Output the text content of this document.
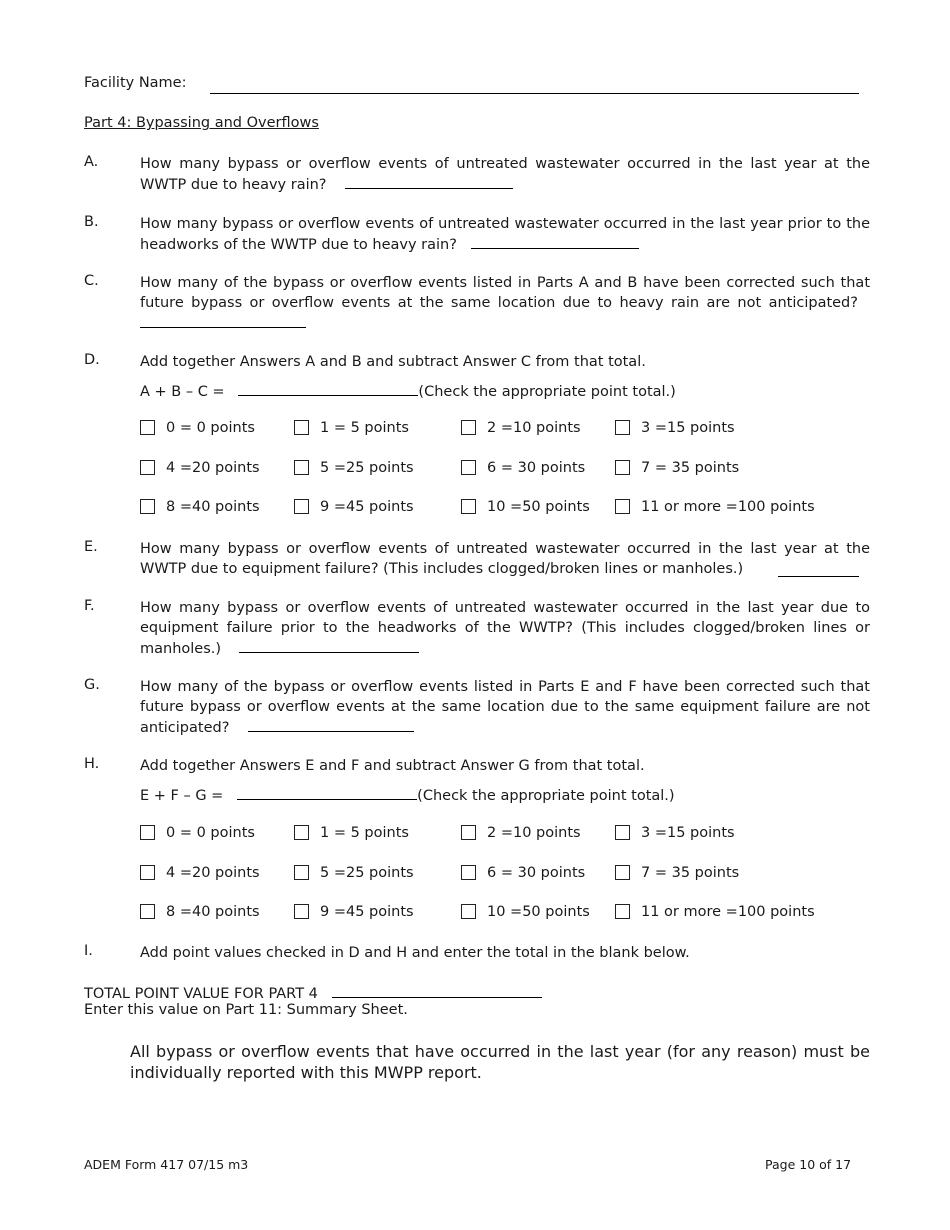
Facility Name:
Part 4: Bypassing and Overflows
A.	How many bypass or overflow events of untreated wastewater occurred in the last year at the WWTP due to heavy rain?
B.	How many bypass or overflow events of untreated wastewater occurred in the last year prior to the headworks of the WWTP due to heavy rain?
C.	How many of the bypass or overflow events listed in Parts A and B have been corrected such that future bypass or overflow events at the same location due to heavy rain are not anticipated?
D.	Add together Answers A and B and subtract Answer C from that total.
A + B – C =	(Check the appropriate point total.)
0 = 0 points	1 = 5 points	2 =10 points	3 =15 points
4 =20 points	5 =25 points	6 = 30 points	7 = 35 points
8 =40 points	9 =45 points	10 =50 points	11 or more =100 points
E.	How many bypass or overflow events of untreated wastewater occurred in the last year at the WWTP due to equipment failure? (This includes clogged/broken lines or manholes.)
F.	How many bypass or overflow events of untreated wastewater occurred in the last year due to equipment failure prior to the headworks of the WWTP? (This includes clogged/broken lines or manholes.)
G.	How many of the bypass or overflow events listed in Parts E and F have been corrected such that future bypass or overflow events at the same location due to the same equipment failure are not anticipated?
H.	Add together Answers E and F and subtract Answer G from that total.
E + F – G =	(Check the appropriate point total.)
0 = 0 points	1 = 5 points	2 =10 points	3 =15 points
4 =20 points	5 =25 points	6 = 30 points	7 = 35 points
8 =40 points	9 =45 points	10 =50 points	11 or more =100 points
I.	Add point values checked in D and H and enter the total in the blank below.
TOTAL POINT VALUE FOR PART 4
Enter this value on Part 11: Summary Sheet.
All bypass or overflow events that have occurred in the last year (for any reason) must be individually reported with this MWPP report.
ADEM Form 417 07/15 m3	Page 10 of 17
